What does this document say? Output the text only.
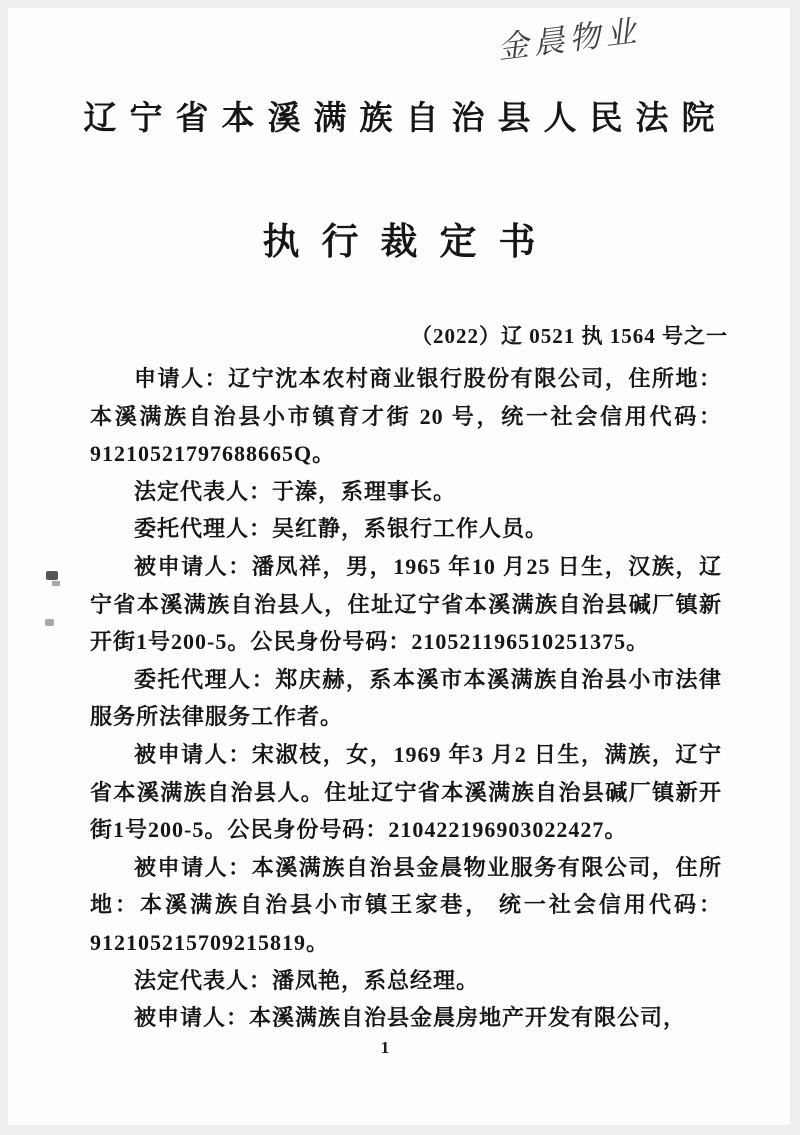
金晨物业
辽宁省本溪满族自治县人民法院
执行裁定书
（2022）辽 0521 执 1564 号之一

申请人：辽宁沈本农村商业银行股份有限公司，住所地：本溪满族自治县小市镇育才街 20 号，统一社会信用代码：91210521797688665Q。

法定代表人：于溱，系理事长。

委托代理人：吴红静，系银行工作人员。

被申请人：潘凤祥，男，1965 年10 月25 日生，汉族，辽宁省本溪满族自治县人，住址辽宁省本溪满族自治县碱厂镇新开街1号200-5。公民身份号码：210521196510251375。

委托代理人：郑庆赫，系本溪市本溪满族自治县小市法律服务所法律服务工作者。

被申请人：宋淑枝，女，1969 年3 月2 日生，满族，辽宁省本溪满族自治县人。住址辽宁省本溪满族自治县碱厂镇新开街1号200-5。公民身份号码：210422196903022427。

被申请人：本溪满族自治县金晨物业服务有限公司，住所地：本溪满族自治县小市镇王家巷， 统一社会信用代码：912105215709215819。

法定代表人：潘凤艳，系总经理。

被申请人：本溪满族自治县金晨房地产开发有限公司，

1
